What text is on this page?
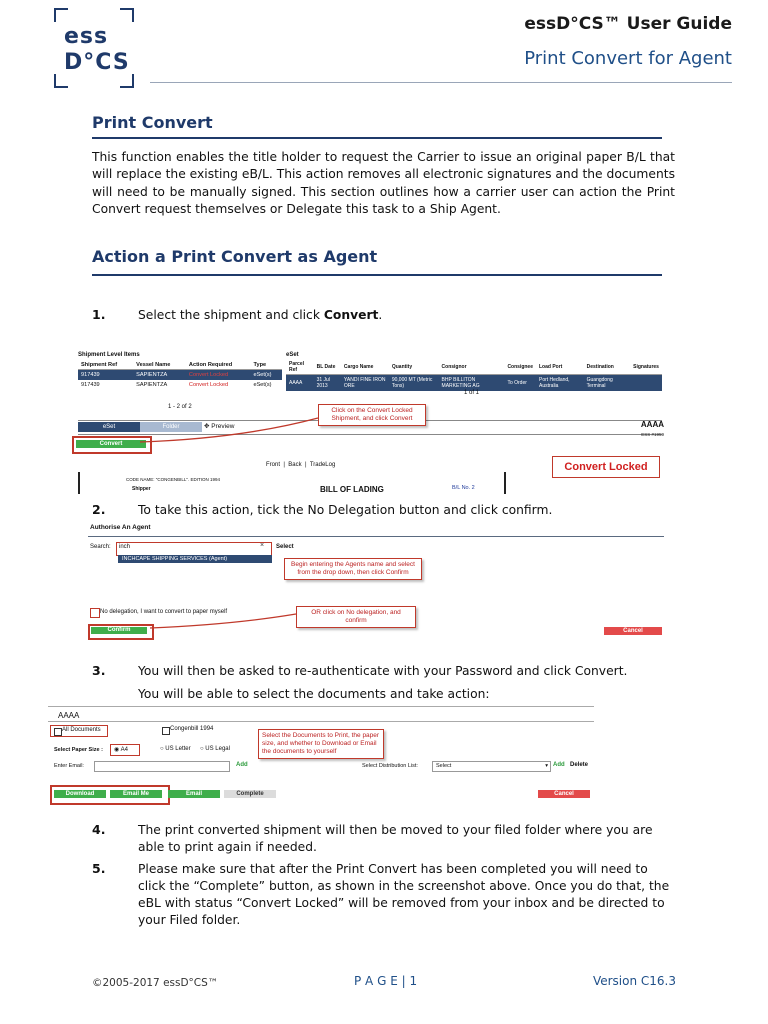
ess
D°CS
essD°CS™ User Guide
Print Convert for Agent
Print Convert
This function enables the title holder to request the Carrier to issue an original paper B/L that will replace the existing eB/L. This action removes all electronic signatures and the documents will need to be manually signed. This section outlines how a carrier user can action the Print Convert request themselves or Delegate this task to a Ship Agent.
Action a Print Convert as Agent
1.	Select the shipment and click Convert.
Shipment Level Items
Shipment Ref	Vessel Name	Action Required	Type
917439	SAPIENTZA	Convert Locked	eSet(s)
917439	SAPIENTZA	Convert Locked	eSet(s)
1 - 2 of 2
eSet
Parcel Ref	BL Date	Cargo Name	Quantity	Consignor	Consignee	Load Port	Destination	Signatures
AAAA	31 Jul 2013	YANDI FINE IRON ORE	90,000 MT (Metric Tons)	BHP BILLITON MARKETING AG	To Order	Port Hedland, Australia	Guangdong Terminal	
1 of 1
eSet	Folder	✥ Preview
Convert
Click on the Convert Locked Shipment, and click Convert
AAAA
ESS #1959
Front | Back | TradeLog	Convert Locked
CODE NAME: "CONGENBILL". EDITION 1994
Shipper	BILL OF LADING	B/L No. 2
2.	To take this action, tick the No Delegation button and click confirm.
Authorise An Agent
Search: inch	× Select
INCHCAPE SHIPPING SERVICES (Agent)
Begin entering the Agents name and select from the drop down, then click Confirm
No delegation, I want to convert to paper myself	OR click on No delegation, and confirm
Confirm	Cancel
3.	You will then be asked to re-authenticate with your Password and click Convert.
You will be able to select the documents and take action:
AAAA
All Documents	Congenbill 1994
Select Paper Size : ◉ A4	○ US Letter ○ US Legal
Select the Documents to Print, the paper size, and whether to Download or Email the documents to yourself
Enter Email:	Add	Select Distribution List:	Select	▾ Add Delete
Download	Email Me	Email	Complete	Cancel
4.	The print converted shipment will then be moved to your filed folder where you are able to print again if needed.
5.	Please make sure that after the Print Convert has been completed you will need to click the “Complete” button, as shown in the screenshot above. Once you do that, the eBL with status “Convert Locked” will be removed from your inbox and be directed to your Filed folder.
©2005-2017 essD°CS™	P A G E | 1	Version C16.3
